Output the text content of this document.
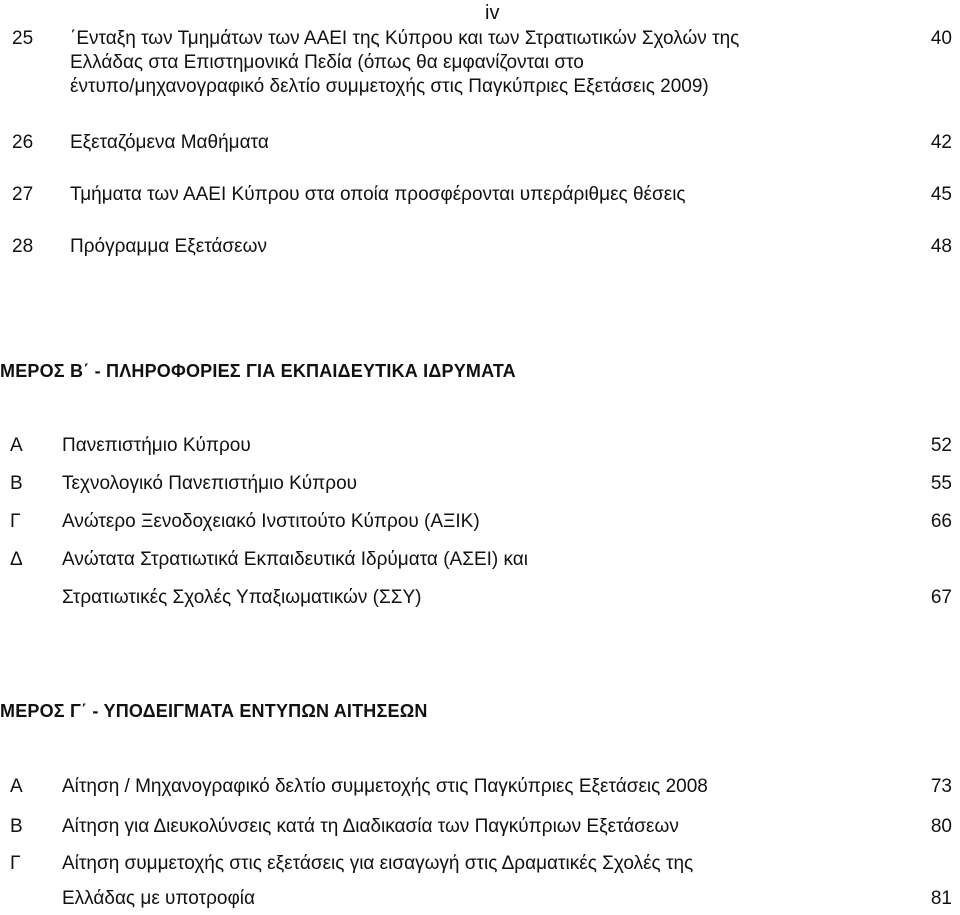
iv
25 ΄Ενταξη των Τμημάτων των ΑΑΕΙ της Κύπρου και των Στρατιωτικών Σχολών της
Ελλάδας στα Επιστημονικά Πεδία (όπως θα εμφανίζονται στο
έντυπο/μηχανογραφικό δελτίο συμμετοχής στις Παγκύπριες Εξετάσεις 2009)
40
26 Εξεταζόμενα Μαθήματα	42
27 Τμήματα των ΑΑΕΙ Κύπρου στα οποία προσφέρονται υπεράριθμες θέσεις	45
28 Πρόγραμμα Εξετάσεων	48
ΜΕΡΟΣ Β΄ - ΠΛΗΡΟΦΟΡΙΕΣ ΓΙΑ ΕΚΠΑΙΔΕΥΤΙΚΑ ΙΔΡΥΜΑΤΑ
Α Πανεπιστήμιο Κύπρου	52
Β Τεχνολογικό Πανεπιστήμιο Κύπρου	55
Γ Ανώτερο Ξενοδοχειακό Ινστιτούτο Κύπρου (ΑΞΙΚ)	66
Δ Ανώτατα Στρατιωτικά Εκπαιδευτικά Ιδρύματα (ΑΣΕΙ) και
Στρατιωτικές Σχολές Υπαξιωματικών (ΣΣΥ)	67
ΜΕΡΟΣ Γ΄ - ΥΠΟΔΕΙΓΜΑΤΑ ΕΝΤΥΠΩΝ ΑΙΤΗΣΕΩΝ
Α Αίτηση / Μηχανογραφικό δελτίο συμμετοχής στις Παγκύπριες Εξετάσεις 2008	73
Β Αίτηση για Διευκολύνσεις κατά τη Διαδικασία των Παγκύπριων Εξετάσεων	80
Γ Αίτηση συμμετοχής στις εξετάσεις για εισαγωγή στις Δραματικές Σχολές της
Ελλάδας με υποτροφία	81
